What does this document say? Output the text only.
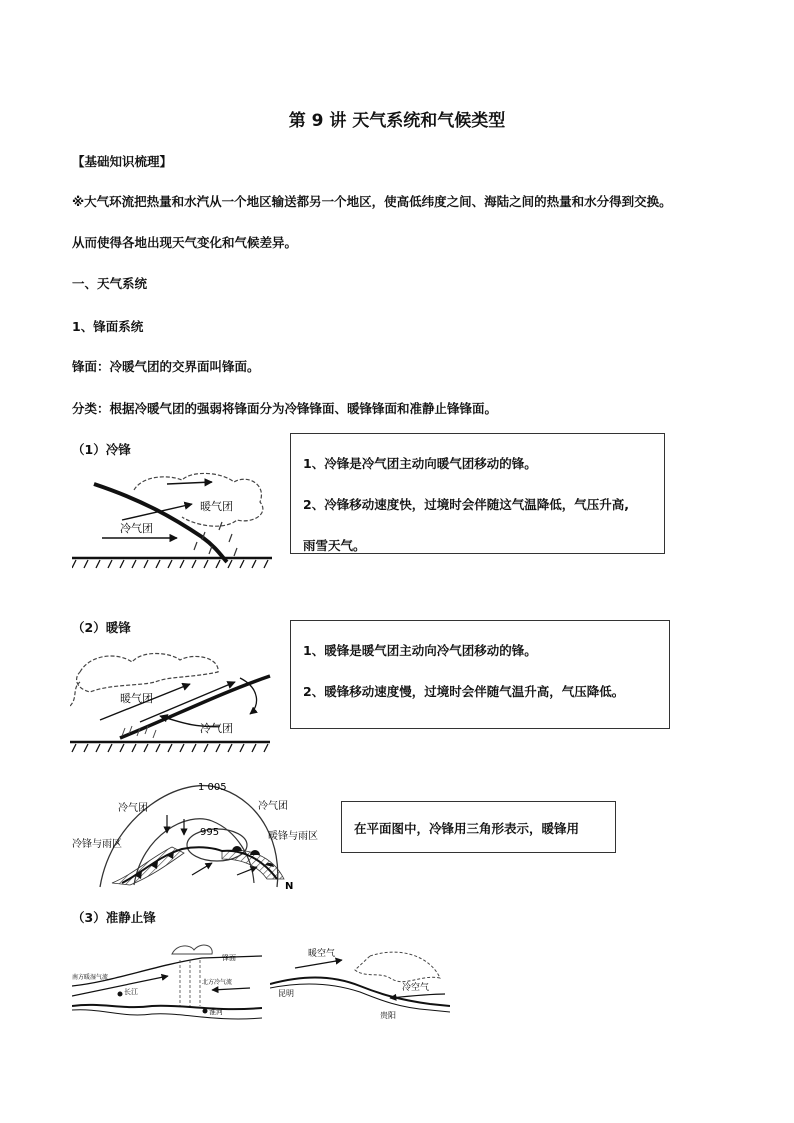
第 9 讲 天气系统和气候类型
【基础知识梳理】
※大气环流把热量和水汽从一个地区输送都另一个地区，使高低纬度之间、海陆之间的热量和水分得到交换。
从而使得各地出现天气变化和气候差异。
一、天气系统
1、锋面系统
锋面：冷暖气团的交界面叫锋面。
分类：根据冷暖气团的强弱将锋面分为冷锋锋面、暖锋锋面和准静止锋锋面。
（1）冷锋
暖气团
冷气团

1、冷锋是冷气团主动向暖气团移动的锋。

2、冷锋移动速度快，过境时会伴随这气温降低，气压升高,

雨雪天气。

（2）暖锋
暖气团
冷气团

1、暖锋是暖气团主动向冷气团移动的锋。

2、暖锋移动速度慢，过境时会伴随气温升高，气压降低。

1 005
995
冷气团	冷气团
冷锋与雨区
暖锋与雨区
N

在平面图中，冷锋用三角形表示，暖锋用

（3）准静止锋
南方暖湿气流
锋面
北方冷气流
长江
淮河
暖空气
冷空气
昆明
贵阳
